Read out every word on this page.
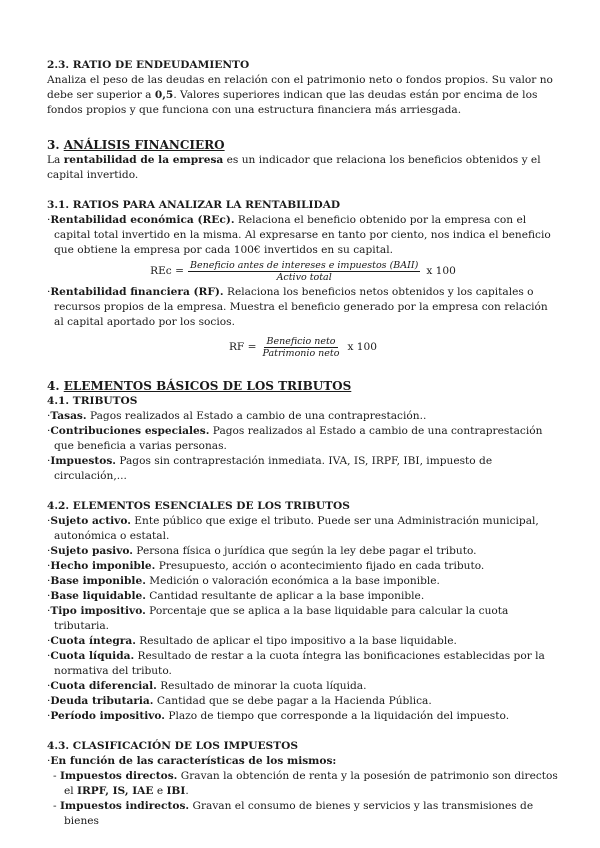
2.3. RATIO DE ENDEUDAMIENTO
Analiza el peso de las deudas en relación con el patrimonio neto o fondos propios. Su valor no debe ser superior a 0,5. Valores superiores indican que las deudas están por encima de los fondos propios y que funciona con una estructura financiera más arriesgada.
3. ANÁLISIS FINANCIERO
La rentabilidad de la empresa es un indicador que relaciona los beneficios obtenidos y el capital invertido.
3.1. RATIOS PARA ANALIZAR LA RENTABILIDAD
·Rentabilidad económica (REc). Relaciona el beneficio obtenido por la empresa con el capital total invertido en la misma. Al expresarse en tanto por ciento, nos indica el beneficio que obtiene la empresa por cada 100€ invertidos en su capital.
REc = $\frac{\text{Beneficio antes de intereses e impuestos (BAII)}}{\text{Activo total}}$ x 100
·Rentabilidad financiera (RF). Relaciona los beneficios netos obtenidos y los capitales o recursos propios de la empresa. Muestra el beneficio generado por la empresa con relación al capital aportado por los socios.
RF = $\frac{\text{Beneficio neto}}{\text{Patrimonio neto}}$ x 100
4. ELEMENTOS BÁSICOS DE LOS TRIBUTOS
4.1. TRIBUTOS
·Tasas. Pagos realizados al Estado a cambio de una contraprestación..
·Contribuciones especiales. Pagos realizados al Estado a cambio de una contraprestación que beneficia a varias personas.
·Impuestos. Pagos sin contraprestación inmediata. IVA, IS, IRPF, IBI, impuesto de circulación,...
4.2. ELEMENTOS ESENCIALES DE LOS TRIBUTOS
·Sujeto activo. Ente público que exige el tributo. Puede ser una Administración municipal, autonómica o estatal.
·Sujeto pasivo. Persona física o jurídica que según la ley debe pagar el tributo.
·Hecho imponible. Presupuesto, acción o acontecimiento fijado en cada tributo.
·Base imponible. Medición o valoración económica a la base imponible.
·Base liquidable. Cantidad resultante de aplicar a la base imponible.
·Tipo impositivo. Porcentaje que se aplica a la base liquidable para calcular la cuota tributaria.
·Cuota íntegra. Resultado de aplicar el tipo impositivo a la base liquidable.
·Cuota líquida. Resultado de restar a la cuota íntegra las bonificaciones establecidas por la normativa del tributo.
·Cuota diferencial. Resultado de minorar la cuota líquida.
·Deuda tributaria. Cantidad que se debe pagar a la Hacienda Pública.
·Período impositivo. Plazo de tiempo que corresponde a la liquidación del impuesto.
4.3. CLASIFICACIÓN DE LOS IMPUESTOS
·En función de las características de los mismos:
- Impuestos directos. Gravan la obtención de renta y la posesión de patrimonio son directos el IRPF, IS, IAE e IBI.
- Impuestos indirectos. Gravan el consumo de bienes y servicios y las transmisiones de bienes
